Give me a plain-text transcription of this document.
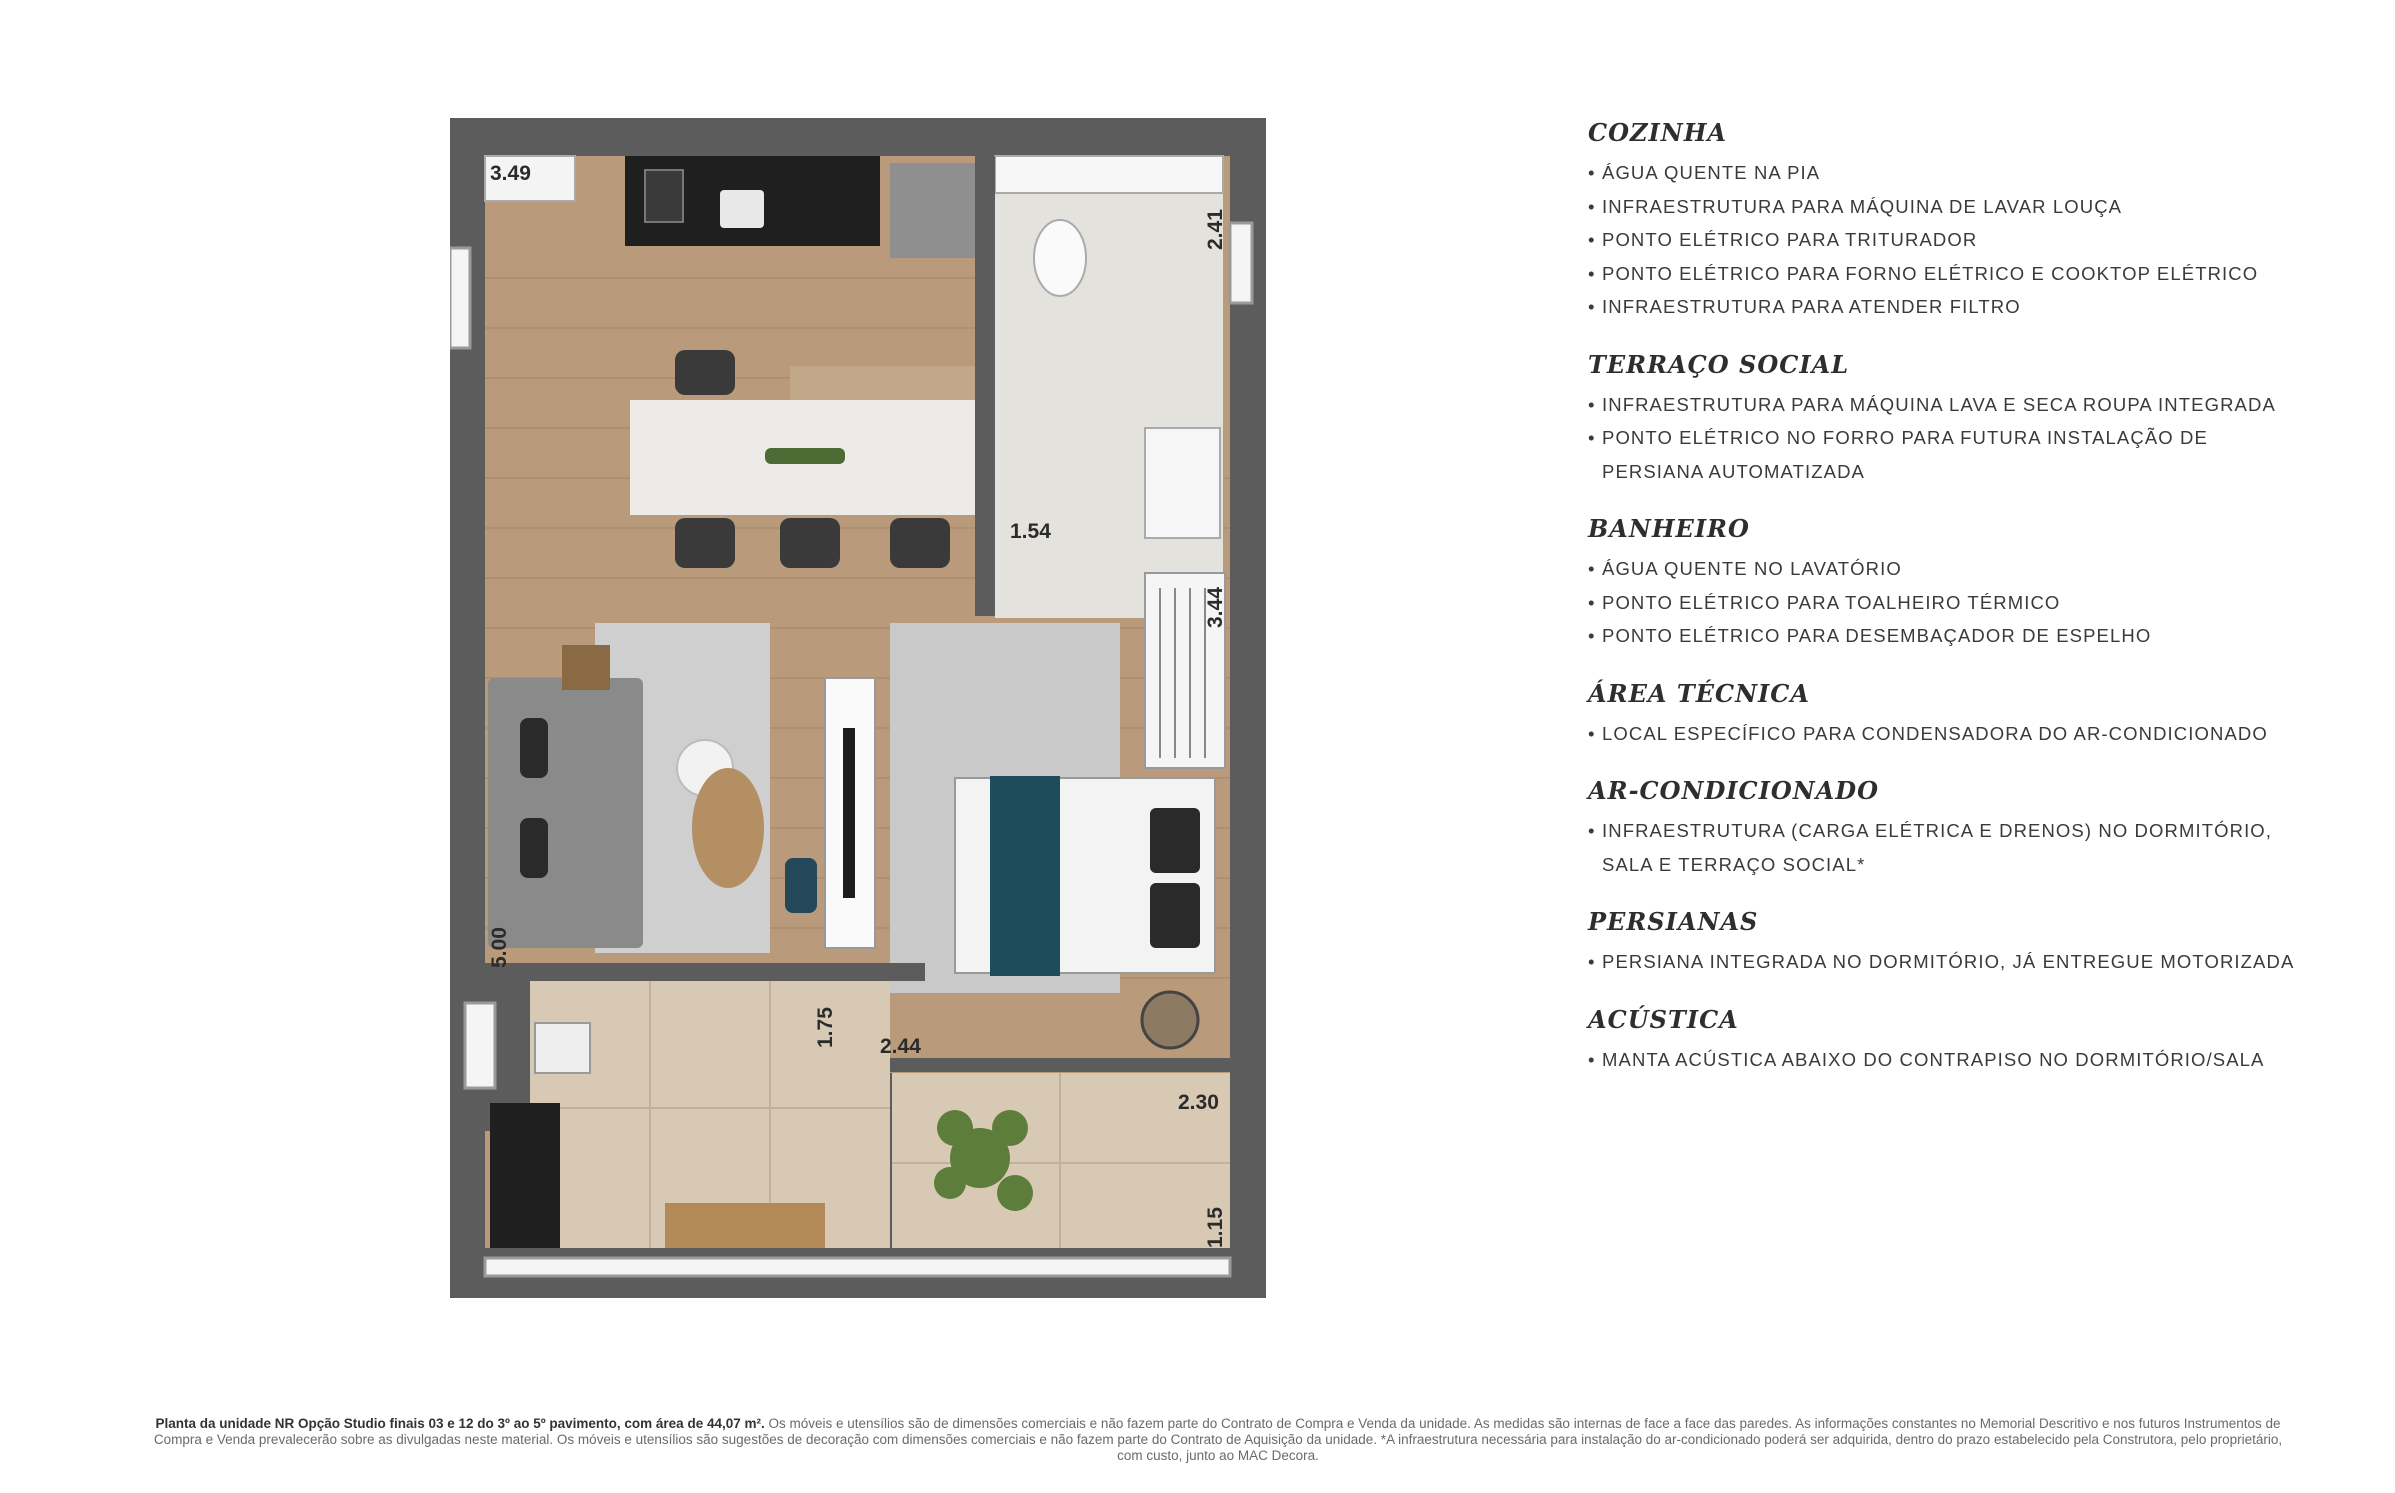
3.49
2.41
1.54
3.44
5.00
1.75 2.44
2.30
1.15
COZINHA
• ÁGUA QUENTE NA PIA
• INFRAESTRUTURA PARA MÁQUINA DE LAVAR LOUÇA
• PONTO ELÉTRICO PARA TRITURADOR
• PONTO ELÉTRICO PARA FORNO ELÉTRICO E COOKTOP ELÉTRICO
• INFRAESTRUTURA PARA ATENDER FILTRO
TERRAÇO SOCIAL
• INFRAESTRUTURA PARA MÁQUINA LAVA E SECA ROUPA INTEGRADA
• PONTO ELÉTRICO NO FORRO PARA FUTURA INSTALAÇÃO DE
PERSIANA AUTOMATIZADA
BANHEIRO
• ÁGUA QUENTE NO LAVATÓRIO
• PONTO ELÉTRICO PARA TOALHEIRO TÉRMICO
• PONTO ELÉTRICO PARA DESEMBAÇADOR DE ESPELHO
ÁREA TÉCNICA
• LOCAL ESPECÍFICO PARA CONDENSADORA DO AR-CONDICIONADO
AR-CONDICIONADO
• INFRAESTRUTURA (CARGA ELÉTRICA E DRENOS) NO DORMITÓRIO,
SALA E TERRAÇO SOCIAL*
PERSIANAS
• PERSIANA INTEGRADA NO DORMITÓRIO, JÁ ENTREGUE MOTORIZADA
ACÚSTICA
• MANTA ACÚSTICA ABAIXO DO CONTRAPISO NO DORMITÓRIO/SALA
Planta da unidade NR Opção Studio finais 03 e 12 do 3º ao 5º pavimento, com área de 44,07 m². Os móveis e utensílios são de dimensões comerciais e não fazem parte do Contrato de Compra e Venda da unidade. As medidas são internas de face a face das paredes. As informações constantes no Memorial Descritivo e nos futuros Instrumentos de Compra e Venda prevalecerão sobre as divulgadas neste material. Os móveis e utensílios são sugestões de decoração com dimensões comerciais e não fazem parte do Contrato de Aquisição da unidade. *A infraestrutura necessária para instalação do ar-condicionado poderá ser adquirida, dentro do prazo estabelecido pela Construtora, pelo proprietário, com custo, junto ao MAC Decora.
